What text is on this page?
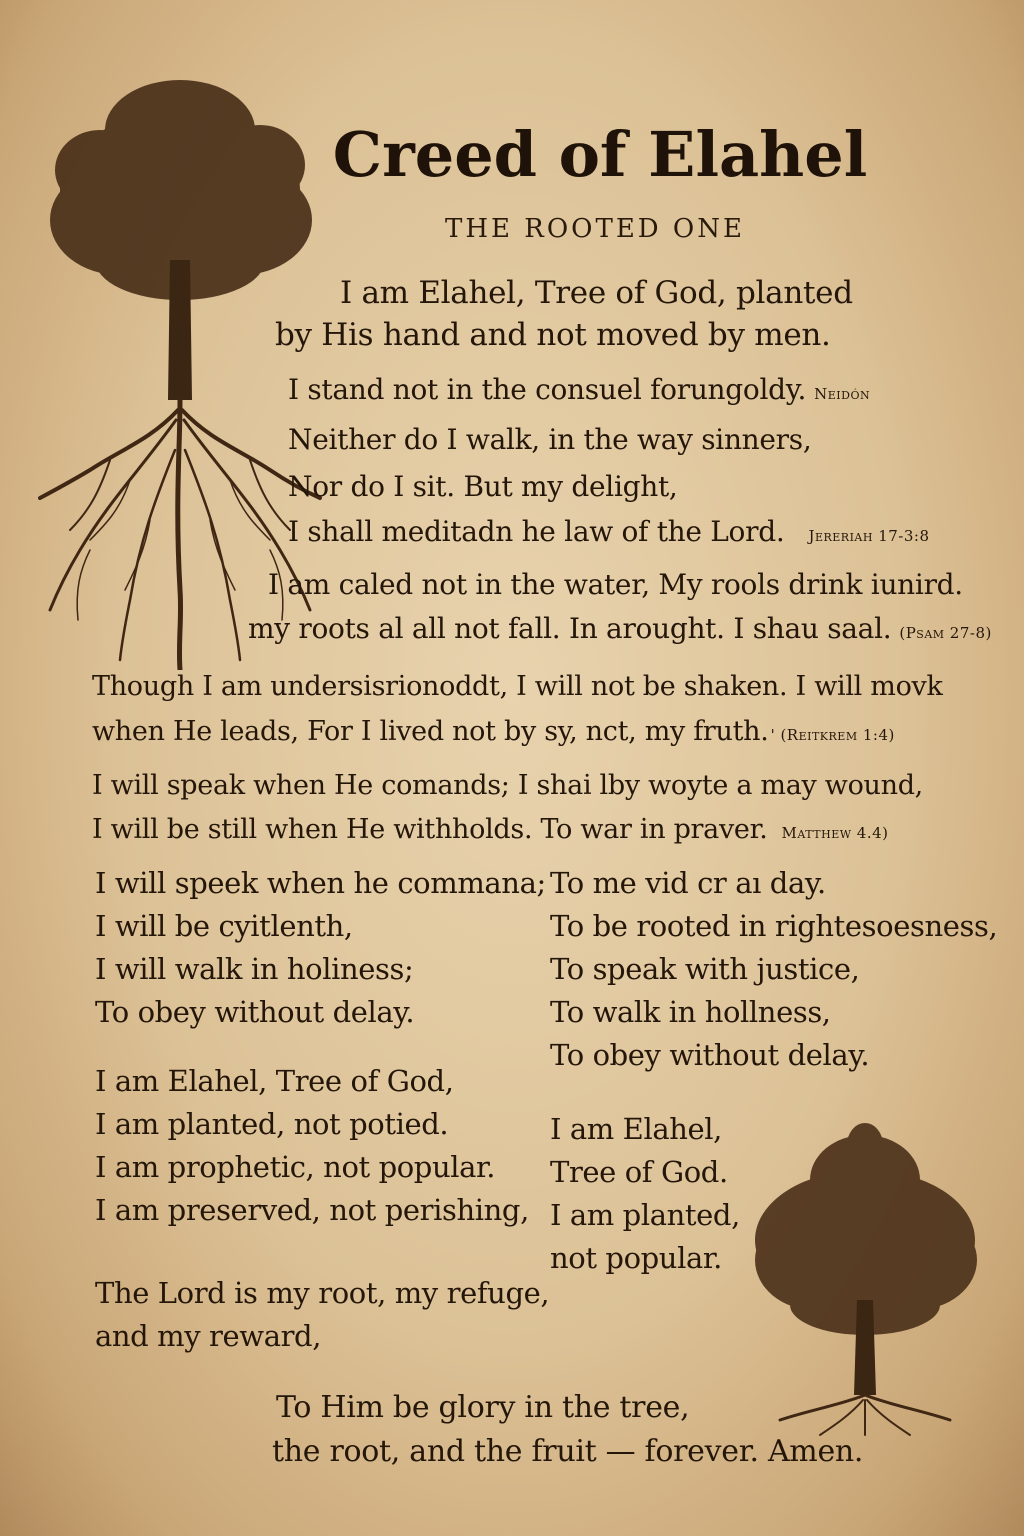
Creed of Elahel
THE ROOTED ONE
I am Elahel, Tree of God, planted
by His hand and not moved by men.
I stand not in the consuel forungoldy. Neidón
Neither do I walk, in the way sinners,
Nor do I sit. But my delight,
I shall meditadn he law of the Lord. Jereriah 17-3:8
I am caled not in the water, My rools drink iunird.
my roots al all not fall. In arought. I shau saal. (Psam 27-8)
Though I am undersisrionoddt, I will not be shaken. I will movk
when He leads, For I lived not by sy, nct, my fruth. ' (Reitkrem 1:4)
I will speak when He comands; I shai lby woyte a may wound,
I will be still when He withholds. To war in praver. Matthew 4.4)
I will speek when he commana;
I will be cyitlenth,
I will walk in holiness;
To obey without delay.
I am Elahel, Tree of God,
I am planted, not potied.
I am prophetic, not popular.
I am preserved, not perishing,
The Lord is my root, my refuge,
and my reward,
To me vid cr aı day.
To be rooted in rightesoesness,
To speak with justice,
To walk in hollness,
To obey without delay.
I am Elahel,
Tree of God.
I am planted,
not popular.
To Him be glory in the tree,
the root, and the fruit — forever. Amen.
